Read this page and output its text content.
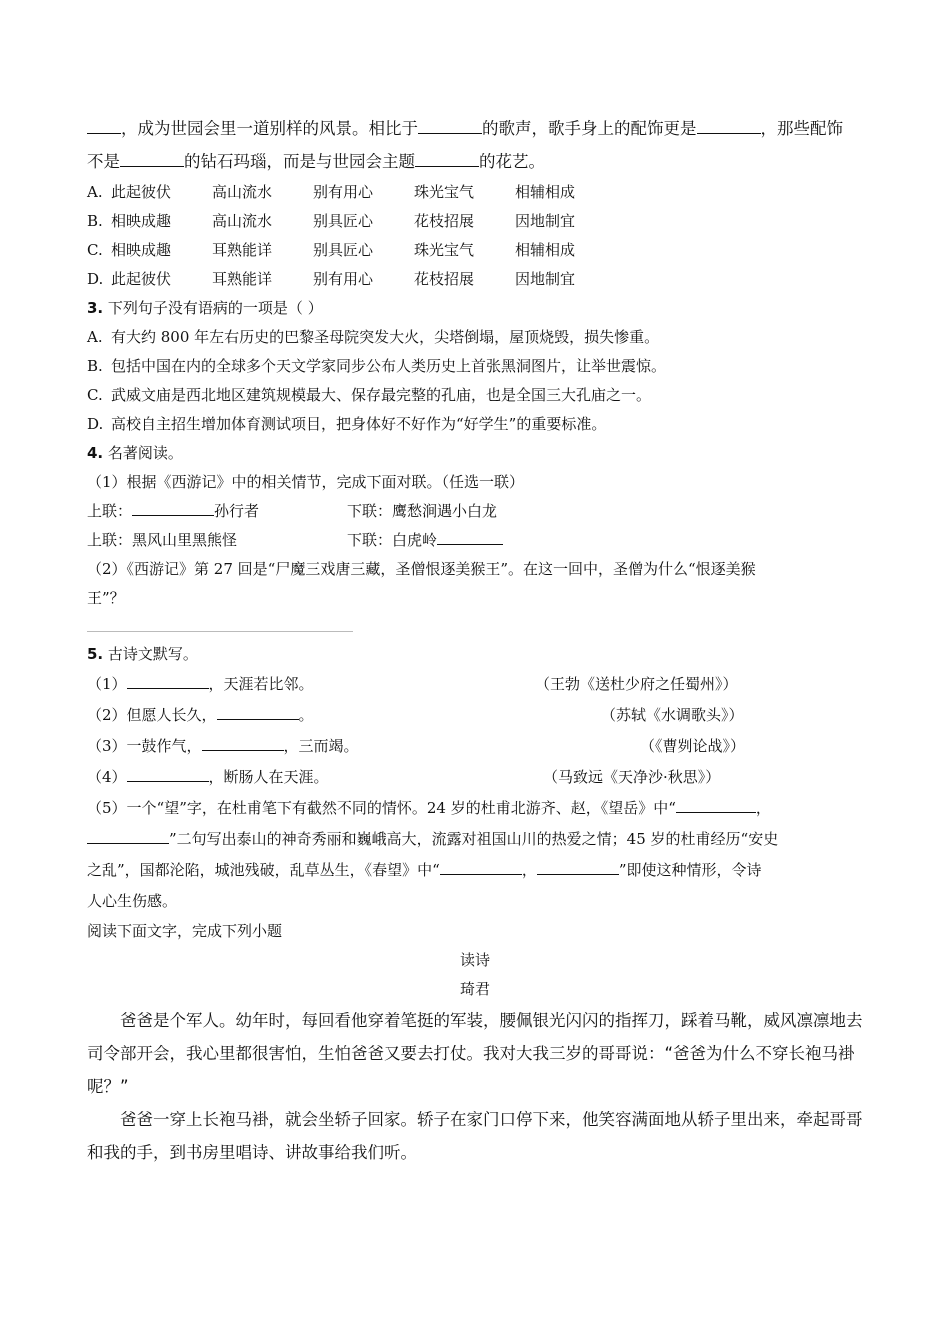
，成为世园会里一道别样的风景。相比于	的歌声，歌手身上的配饰更是	，那些配饰
不是	的钻石玛瑙，而是与世园会主题	的花艺。
A. 此起彼伏	高山流水	别有用心	珠光宝气	相辅相成
B. 相映成趣	高山流水	别具匠心	花枝招展	因地制宜
C. 相映成趣	耳熟能详	别具匠心	珠光宝气	相辅相成
D. 此起彼伏	耳熟能详	别有用心	花枝招展	因地制宜
3. 下列句子没有语病的一项是（ ）
A. 有大约 800 年左右历史的巴黎圣母院突发大火，尖塔倒塌，屋顶烧毁，损失惨重。
B. 包括中国在内的全球多个天文学家同步公布人类历史上首张黑洞图片，让举世震惊。
C. 武威文庙是西北地区建筑规模最大、保存最完整的孔庙，也是全国三大孔庙之一。
D. 高校自主招生增加体育测试项目，把身体好不好作为“好学生”的重要标准。
4. 名著阅读。
（1）根据《西游记》中的相关情节，完成下面对联。（任选一联）
上联：	孙行者	下联：鹰愁涧遇小白龙
上联：黑风山里黑熊怪	下联：白虎岭
（2）《西游记》第 27 回是“尸魔三戏唐三藏，圣僧恨逐美猴王”。在这一回中，圣僧为什么“恨逐美猴
王”？
5. 古诗文默写。
（1）	，天涯若比邻。	（王勃《送杜少府之任蜀州》）
（2）但愿人长久，	。	（苏轼《水调歌头》）
（3）一鼓作气，	，三而竭。	（《曹刿论战》）
（4）	，断肠人在天涯。	（马致远《天净沙·秋思》）
（5）一个“望”字，在杜甫笔下有截然不同的情怀。24 岁的杜甫北游齐、赵，《望岳》中“	，
”二句写出泰山的神奇秀丽和巍峨高大，流露对祖国山川的热爱之情；45 岁的杜甫经历“安史
之乱”，国都沦陷，城池残破，乱草丛生，《春望》中“	，	”即使这种情形，令诗
人心生伤感。
阅读下面文字，完成下列小题
读诗
琦君
爸爸是个军人。幼年时，每回看他穿着笔挺的军装，腰佩银光闪闪的指挥刀，踩着马靴，威风凛凛地去司令部开会，我心里都很害怕，生怕爸爸又要去打仗。我对大我三岁的哥哥说：“爸爸为什么不穿长袍马褂呢？”
爸爸一穿上长袍马褂，就会坐轿子回家。轿子在家门口停下来，他笑容满面地从轿子里出来，牵起哥哥和我的手，到书房里唱诗、讲故事给我们听。
